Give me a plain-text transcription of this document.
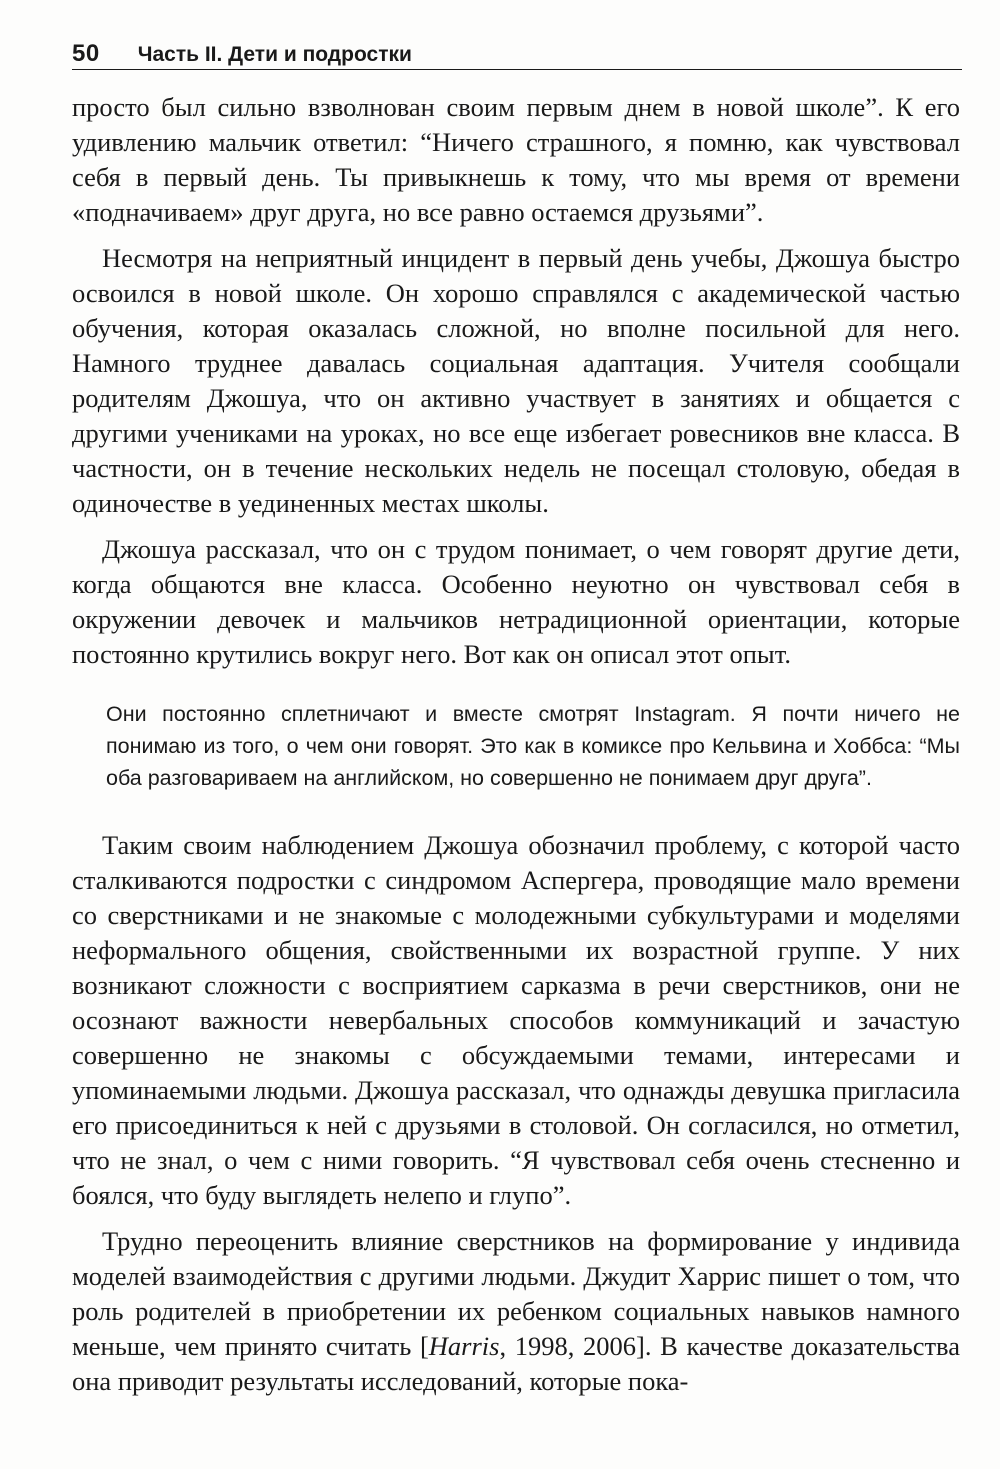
50 Часть II. Дети и подростки

просто был сильно взволнован своим первым днем в новой школе”. К его удивлению мальчик ответил: “Ничего страшного, я помню, как чувствовал себя в первый день. Ты привыкнешь к тому, что мы время от времени «подначиваем» друг друга, но все равно остаемся друзьями”.

Несмотря на неприятный инцидент в первый день учебы, Джошуа быстро освоился в новой школе. Он хорошо справлялся с академической частью обучения, которая оказалась сложной, но вполне посильной для него. Намного труднее давалась социальная адаптация. Учителя сообщали родителям Джошуа, что он активно участвует в занятиях и общается с другими учениками на уроках, но все еще избегает ровесников вне класса. В частности, он в течение нескольких недель не посещал столовую, обедая в одиночестве в уединенных местах школы.

Джошуа рассказал, что он с трудом понимает, о чем говорят другие дети, когда общаются вне класса. Особенно неуютно он чувствовал себя в окружении девочек и мальчиков нетрадиционной ориентации, которые постоянно крутились вокруг него. Вот как он описал этот опыт.

Они постоянно сплетничают и вместе смотрят Instagram. Я почти ничего не понимаю из того, о чем они говорят. Это как в комиксе про Кельвина и Хоббса: “Мы оба разговариваем на английском, но совершенно не понимаем друг друга”.

Таким своим наблюдением Джошуа обозначил проблему, с которой часто сталкиваются подростки с синдромом Аспергера, проводящие мало времени со сверстниками и не знакомые с молодежными субкультурами и моделями неформального общения, свойственными их возрастной группе. У них возникают сложности с восприятием сарказма в речи сверстников, они не осознают важности невербальных способов коммуникаций и зачастую совершенно не знакомы с обсуждаемыми темами, интересами и упоминаемыми людьми. Джошуа рассказал, что однажды девушка пригласила его присоединиться к ней с друзьями в столовой. Он согласился, но отметил, что не знал, о чем с ними говорить. “Я чувствовал себя очень стесненно и боялся, что буду выглядеть нелепо и глупо”.

Трудно переоценить влияние сверстников на формирование у индивида моделей взаимодействия с другими людьми. Джудит Харрис пишет о том, что роль родителей в приобретении их ребенком социальных навыков намного меньше, чем принято считать [Harris, 1998, 2006]. В качестве доказательства она приводит результаты исследований, которые пока-
